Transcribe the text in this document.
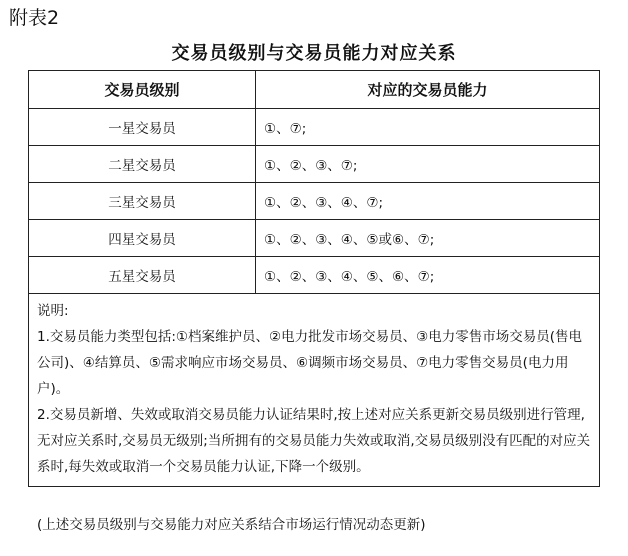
附表2
交易员级别与交易员能力对应关系
交易员级别	对应的交易员能力
一星交易员	①、⑦;
二星交易员	①、②、③、⑦;
三星交易员	①、②、③、④、⑦;
四星交易员	①、②、③、④、⑤或⑥、⑦;
五星交易员	①、②、③、④、⑤、⑥、⑦;

说明:

1.交易员能力类型包括:①档案维护员、②电力批发市场交易员、③电力零售市场交易员(售电公司)、④结算员、⑤需求响应市场交易员、⑥调频市场交易员、⑦电力零售交易员(电力用户)。

2.交易员新增、失效或取消交易员能力认证结果时,按上述对应关系更新交易员级别进行管理,无对应关系时,交易员无级别;当所拥有的交易员能力失效或取消,交易员级别没有匹配的对应关系时,每失效或取消一个交易员能力认证,下降一个级别。	

(上述交易员级别与交易能力对应关系结合市场运行情况动态更新)
